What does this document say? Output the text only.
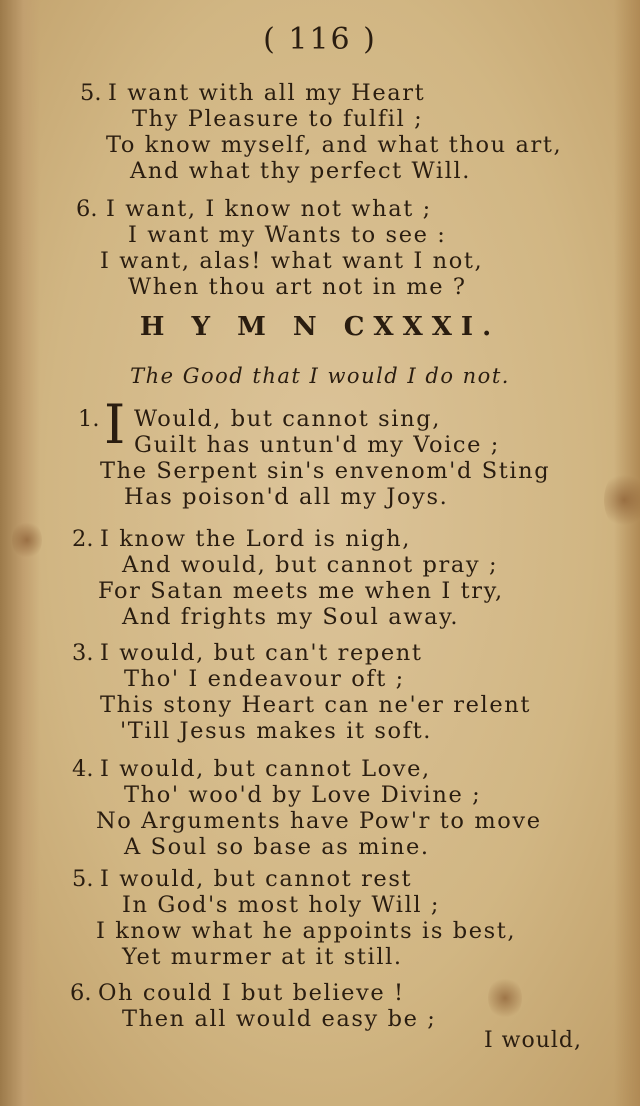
( 116 )
5. I want with all my Heart
Thy Pleasure to fulfil ;
To know myself, and what thou art,
And what thy perfect Will.
6. I want, I know not what ;
I want my Wants to see :
I want, alas! what want I not,
When thou art not in me ?
H Y M N CXXXI.
The Good that I would I do not.
1. I Would, but cannot sing,
Guilt has untun'd my Voice ;
The Serpent sin's envenom'd Sting
Has poison'd all my Joys.
2. I know the Lord is nigh,
And would, but cannot pray ;
For Satan meets me when I try,
And frights my Soul away.
3. I would, but can't repent
Tho' I endeavour oft ;
This stony Heart can ne'er relent
'Till Jesus makes it soft.
4. I would, but cannot Love,
Tho' woo'd by Love Divine ;
No Arguments have Pow'r to move
A Soul so base as mine.
5. I would, but cannot rest
In God's most holy Will ;
I know what he appoints is best,
Yet murmer at it still.
6. Oh could I but believe !
Then all would easy be ;
I would,
